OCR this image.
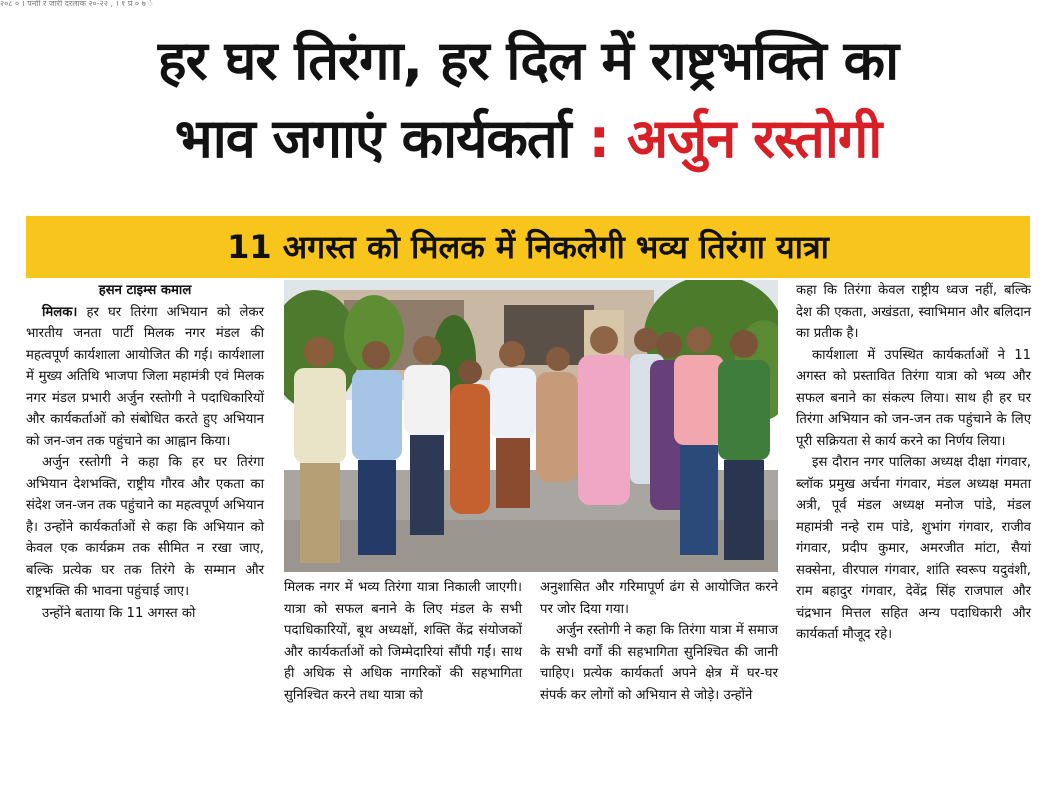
२०८ ० । पनोी र जारी दरलाक २०-२२ , । १ प्र ० ७ े
हर घर तिरंगा, हर दिल में राष्ट्रभक्ति का
भाव जगाएं कार्यकर्ता : अर्जुन रस्तोगी
11 अगस्त को मिलक में निकलेगी भव्य तिरंगा यात्रा

हसन टाइम्स कमाल

मिलक। हर घर तिरंगा अभियान को लेकर भारतीय जनता पार्टी मिलक नगर मंडल की महत्वपूर्ण कार्यशाला आयोजित की गई। कार्यशाला में मुख्य अतिथि भाजपा जिला महामंत्री एवं मिलक नगर मंडल प्रभारी अर्जुन रस्तोगी ने पदाधिकारियों और कार्यकर्ताओं को संबोधित करते हुए अभियान को जन-जन तक पहुंचाने का आह्वान किया।

अर्जुन रस्तोगी ने कहा कि हर घर तिरंगा अभियान देशभक्ति, राष्ट्रीय गौरव और एकता का संदेश जन-जन तक पहुंचाने का महत्वपूर्ण अभियान है। उन्होंने कार्यकर्ताओं से कहा कि अभियान को केवल एक कार्यक्रम तक सीमित न रखा जाए, बल्कि प्रत्येक घर तक तिरंगे के सम्मान और राष्ट्रभक्ति की भावना पहुंचाई जाए।

उन्होंने बताया कि 11 अगस्त को

मिलक नगर में भव्य तिरंगा यात्रा निकाली जाएगी। यात्रा को सफल बनाने के लिए मंडल के सभी पदाधिकारियों, बूथ अध्यक्षों, शक्ति केंद्र संयोजकों और कार्यकर्ताओं को जिम्मेदारियां सौंपी गईं। साथ ही अधिक से अधिक नागरिकों की सहभागिता सुनिश्चित करने तथा यात्रा को

अनुशासित और गरिमापूर्ण ढंग से आयोजित करने पर जोर दिया गया।

अर्जुन रस्तोगी ने कहा कि तिरंगा यात्रा में समाज के सभी वर्गों की सहभागिता सुनिश्चित की जानी चाहिए। प्रत्येक कार्यकर्ता अपने क्षेत्र में घर-घर संपर्क कर लोगों को अभियान से जोड़े। उन्होंने

कहा कि तिरंगा केवल राष्ट्रीय ध्वज नहीं, बल्कि देश की एकता, अखंडता, स्वाभिमान और बलिदान का प्रतीक है।

कार्यशाला में उपस्थित कार्यकर्ताओं ने 11 अगस्त को प्रस्तावित तिरंगा यात्रा को भव्य और सफल बनाने का संकल्प लिया। साथ ही हर घर तिरंगा अभियान को जन-जन तक पहुंचाने के लिए पूरी सक्रियता से कार्य करने का निर्णय लिया।

इस दौरान नगर पालिका अध्यक्ष दीक्षा गंगवार, ब्लॉक प्रमुख अर्चना गंगवार, मंडल अध्यक्ष ममता अत्री, पूर्व मंडल अध्यक्ष मनोज पांडे, मंडल महामंत्री नन्हे राम पांडे, शुभांग गंगवार, राजीव गंगवार, प्रदीप कुमार, अमरजीत मांटा, सैयां सक्सेना, वीरपाल गंगवार, शांति स्वरूप यदुवंशी, राम बहादुर गंगवार, देवेंद्र सिंह राजपाल और चंद्रभान मित्तल सहित अन्य पदाधिकारी और कार्यकर्ता मौजूद रहे।
